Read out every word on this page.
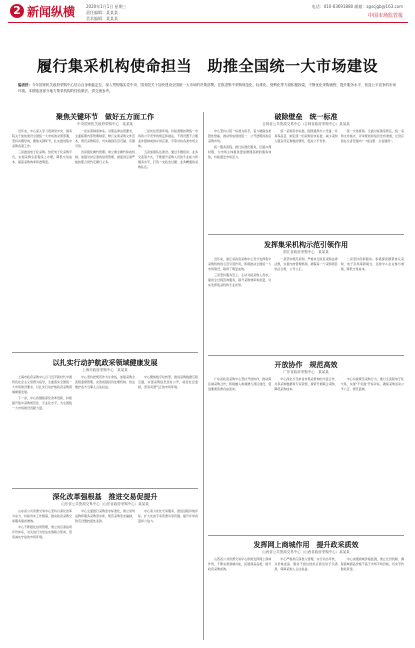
2 新闻纵横	2020年1月1日 星期三
责任编辑：某某某
美术编辑：某某某
电话：010-63691880 邮箱：zgscjgb@163.com
中国市场监管报
履行集采机构使命担当　助推全国统一大市场建设
编者按：今年国家机关政府采购中心结合自身职能定位，深入贯彻落实党中央、国务院关于加快建设全国统一大市场的决策部署，在推进集中采购规范化、标准化、便利化等方面积极探索，不断优化采购流程，提升服务水平，营造公平竞争的市场环境。本期选登部分地方集采机构的经验做法，供交流参考。
聚焦关键环节　做好五方面工作
中央国家机关政府采购中心　某某某

近年来，中心深入学习贯彻党中央、国务院关于加快建设全国统一大市场的决策部署，坚持问题导向，聚焦关键环节，扎实推进集中采购各项工作。

三是推进电子化采购。依托电子化采购平台，实现采购全流程线上办理，降低交易成本，提高采购效率和透明度。

一是完善制度体系。对照法律法规要求，全面梳理内部管理制度，修订完善采购文件范本，规范采购程序，切实做到有章可循、有据可依。

四是强化履约管理。建立健全履约验收机制，加强对供应商的信用管理，督促供应商严格按照合同约定履行义务。

二是优化营商环境。持续清理妨碍统一市场和公平竞争的规定和做法，不得设置不合理条件限制或排斥供应商，平等对待各类市场主体。

五是加强队伍建设。通过专题培训、业务交流等方式，不断提升采购人员的专业能力和服务水平，打造一支政治过硬、业务精通的采购队伍。

破除壁垒　统一标准
吉林省公共资源交易中心（吉林省政府采购中心）某某某

中心坚持以统一标准为抓手，着力破除各类隐性壁垒，推动形成规则统一、公开透明的政府采购市场。

统一服务流程。推行标准化服务，压缩办理时限，为市场主体提供更加便捷高效的服务体验，持续激发市场活力。

统一采购需求标准。围绕通用办公设备、家具等品目，制定统一的采购需求标准，减少采购人随意设定参数的情况，促进公平竞争。

统一交易规则。全面对标国家规定，统一采购文件格式、评审规则和信息发布渠道，让供应商在全省范围内“一地注册、全省通用”。

发挥集采机构示范引领作用
浙江省政府采购中心　某某某

近年来，浙江省政府采购中心充分发挥集中采购机构的示范引领作用，积极推动全国统一大市场建设，取得了明显成效。

三是坚持服务至上。主动对接采购人需求，提供全过程咨询服务，提升采购效率和质量，切实发挥集采机构专业优势。

一是坚持规范采购。严格执行政府采购法律法规，完善内控管理机制，确保每一个采购项目依法合规、公开公正。

二是坚持创新驱动。积极探索框架协议采购、电子卖场等新模式，拓宽中小企业参与渠道，降低交易成本。

以扎实行动护航政采领域健康发展
上海市政府采购中心　某某某

上海市政府采购中心以习近平新时代中国特色社会主义思想为指导，全面落实全国统一大市场建设要求，以扎实行动护航政府采购领域健康发展。

下一步，中心将继续深化改革创新，持续提升集中采购规范化、专业化水平，为全国统一大市场建设贡献力量。

中心坚持把规范作为生命线，加强采购全流程监督管理，完善质疑投诉处理机制，依法维护各方当事人合法权益。

中心聚焦数字化转型，推进采购数据互联互通，实现采购信息及时公开，接受社会监督，营造风清气正的市场环境。

开放协作　规范高效
广东省政府采购中心　某某某

广东省政府采购中心坚持开放协作，推动跨区域采购合作，积极融入粤港澳大湾区建设，促进要素资源自由流动。

中心深化与兄弟省市集采机构的交流合作，共享采购数据和专家资源，探索开展联合采购，降低采购成本。

中心持续规范采购行为，推行全流程电子化交易，实现“不见面”开标评标，确保采购活动公平公正、规范高效。

深化改革强根基　推进交易促提升
山东省公共资源交易中心（山东省政府采购中心）某某某

山东省公共资源交易中心坚持以深化改革为动力，持续夯实工作根基，推动政府采购交易服务提质增效。

中心不断强化信用管理，建立供应商信用评价体系，对失信行为依法实施联合惩戒，营造诚实守信的市场环境。

中心全面推行采购需求标准化，建立常用货物和服务采购需求库，规范采购需求编制，防范设置歧视性条款。

中心着力优化交易服务，推进远程异地评标，扩大优质专家资源共享范围，提升评审质量和公信力。

发挥网上商城作用　提升政采质效
山西省公共资源交易中心（山西省政府采购中心）某某某

山西省公共资源交易中心积极发挥网上商城作用，不断完善商城功能，拓展商品品类，提升政府采购质效。

中心严格供应商准入管理，实行动态考核，对价格虚高、服务不到位的供应商及时予以清退，保障采购人合法权益。

中心加强商城价格监测，建立比价机制，确保商城商品价格不高于市场平均价格，切实节约财政资金。
